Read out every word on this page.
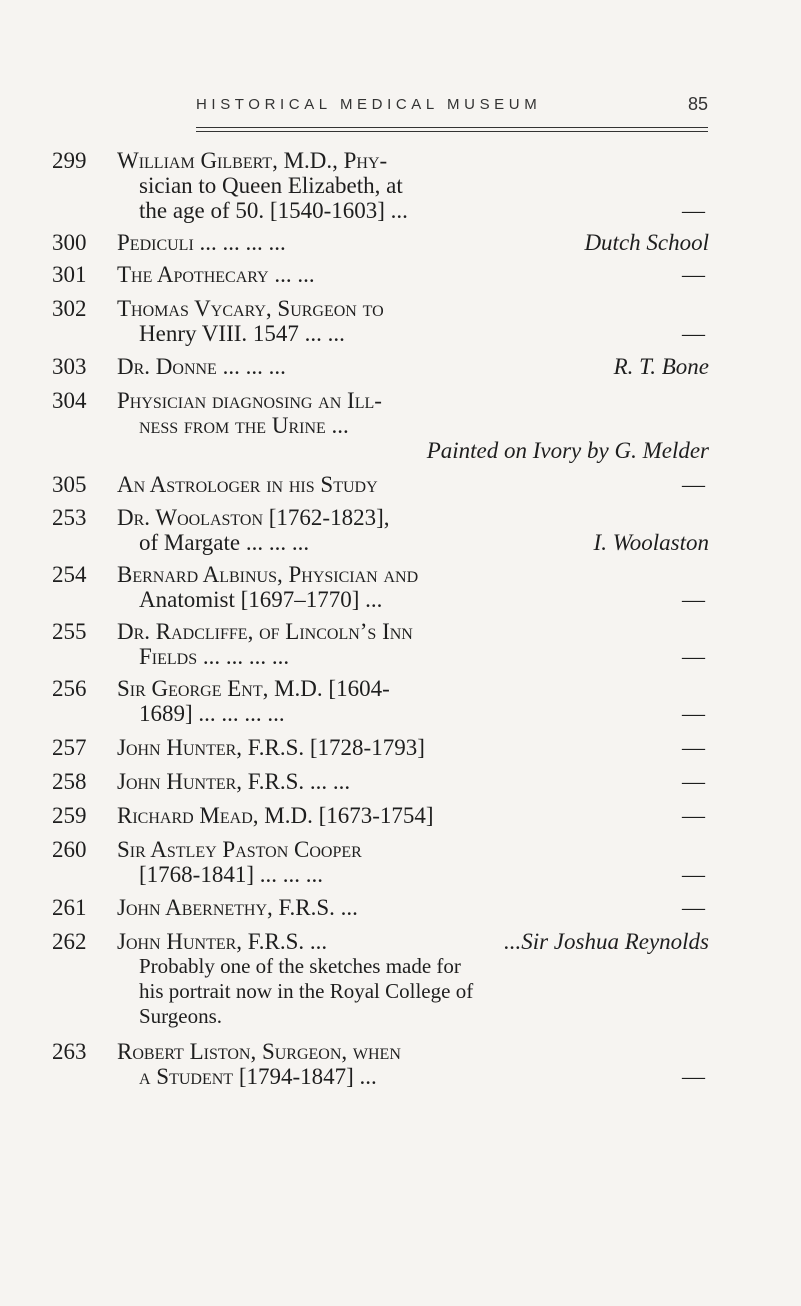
HISTORICAL MEDICAL MUSEUM	85
299 William Gilbert, M.D., Phy-
sician to Queen Elizabeth, at
the age of 50. [1540-1603] ...	—
300 Pediculi ... ... ... ...	Dutch School
301 The Apothecary ... ...	—
302 Thomas Vycary, Surgeon to
Henry VIII. 1547 ... ...	—
303 Dr. Donne ... ... ...	R. T. Bone
304 Physician diagnosing an Ill-
ness from the Urine ...
Painted on Ivory by G. Melder
305 An Astrologer in his Study	—
253 Dr. Woolaston [1762-1823],
of Margate ... ... ...	I. Woolaston
254 Bernard Albinus, Physician and
Anatomist [1697–1770] ...	—
255 Dr. Radcliffe, of Lincoln’s Inn
Fields ... ... ... ...	—
256 Sir George Ent, M.D. [1604-
1689] ... ... ... ...	—
257 John Hunter, F.R.S. [1728-1793]	—
258 John Hunter, F.R.S. ... ...	—
259 Richard Mead, M.D. [1673-1754]	—
260 Sir Astley Paston Cooper
[1768-1841] ... ... ...	—
261 John Abernethy, F.R.S. ...	—
262 John Hunter, F.R.S. ...	...Sir Joshua Reynolds
Probably one of the sketches made for
his portrait now in the Royal College of
Surgeons.
263 Robert Liston, Surgeon, when
a Student [1794-1847] ...	—
